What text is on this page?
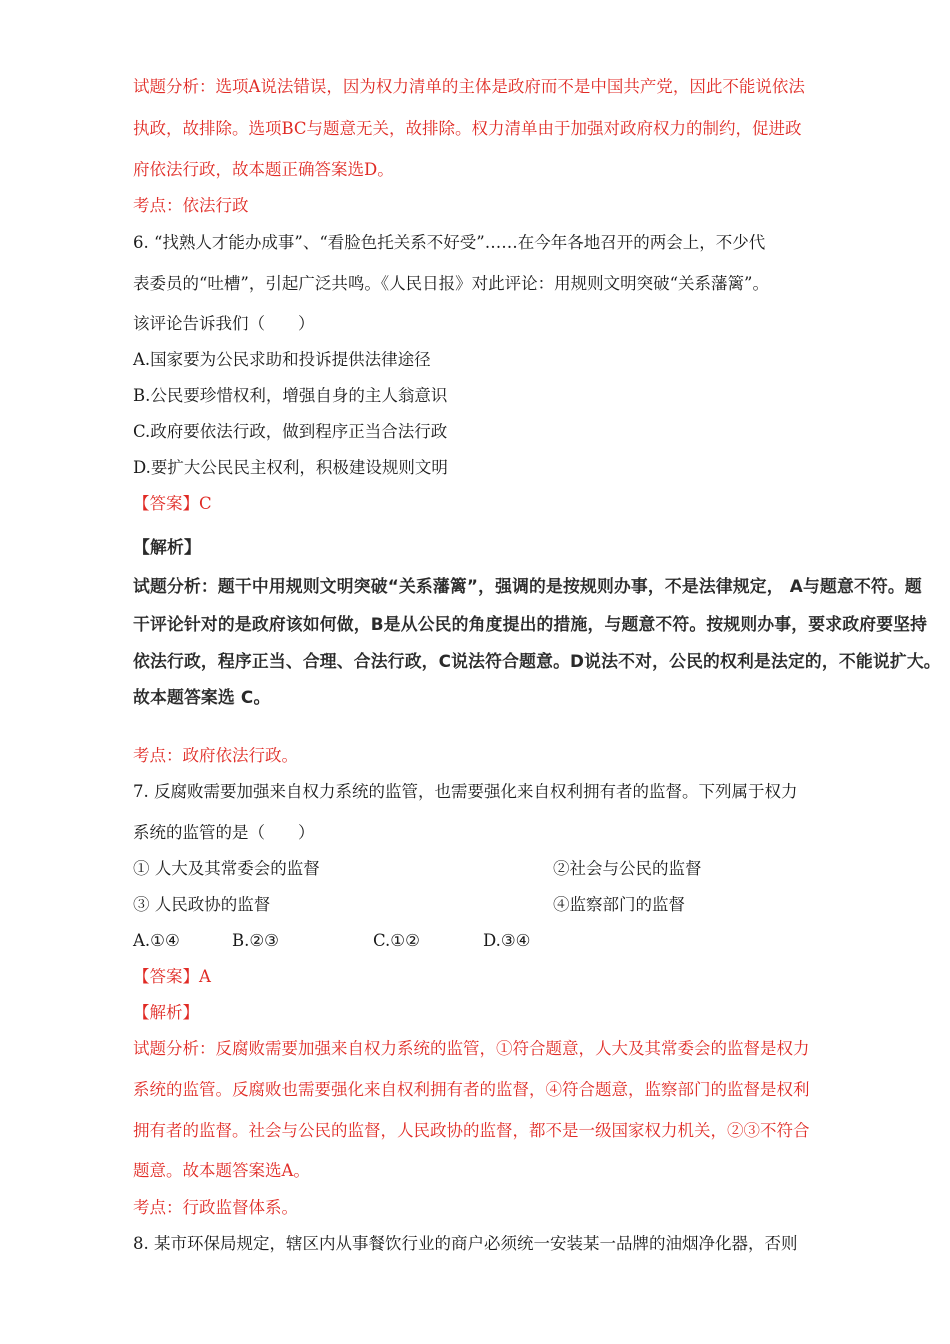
试题分析：选项A说法错误，因为权力清单的主体是政府而不是中国共产党，因此不能说依法
执政，故排除。选项BC与题意无关，故排除。权力清单由于加强对政府权力的制约，促进政
府依法行政，故本题正确答案选D。
考点：依法行政
6. “找熟人才能办成事”、“看脸色托关系不好受”……在今年各地召开的两会上，不少代
表委员的“吐槽”，引起广泛共鸣。《人民日报》对此评论：用规则文明突破“关系藩篱”。
该评论告诉我们（　　）
A.国家要为公民求助和投诉提供法律途径
B.公民要珍惜权利，增强自身的主人翁意识
C.政府要依法行政，做到程序正当合法行政
D.要扩大公民民主权利，积极建设规则文明
【答案】C
【解析】
试题分析：题干中用规则文明突破“关系藩篱”，强调的是按规则办事，不是法律规定， A与题意不符。题
干评论针对的是政府该如何做，B是从公民的角度提出的措施，与题意不符。按规则办事，要求政府要坚持
依法行政，程序正当、合理、合法行政，C说法符合题意。D说法不对，公民的权利是法定的，不能说扩大。
故本题答案选 C。
考点：政府依法行政。
7. 反腐败需要加强来自权力系统的监管，也需要强化来自权利拥有者的监督。下列属于权力
系统的监管的是（　　）
① 人大及其常委会的监督	②社会与公民的监督
③ 人民政协的监督	④监察部门的监督
A.①④	B.②③	C.①②	D.③④
【答案】A
【解析】
试题分析：反腐败需要加强来自权力系统的监管，①符合题意，人大及其常委会的监督是权力
系统的监管。反腐败也需要强化来自权利拥有者的监督，④符合题意，监察部门的监督是权利
拥有者的监督。社会与公民的监督，人民政协的监督，都不是一级国家权力机关，②③不符合
题意。故本题答案选A。
考点：行政监督体系。
8. 某市环保局规定，辖区内从事餐饮行业的商户必须统一安装某一品牌的油烟净化器，否则
